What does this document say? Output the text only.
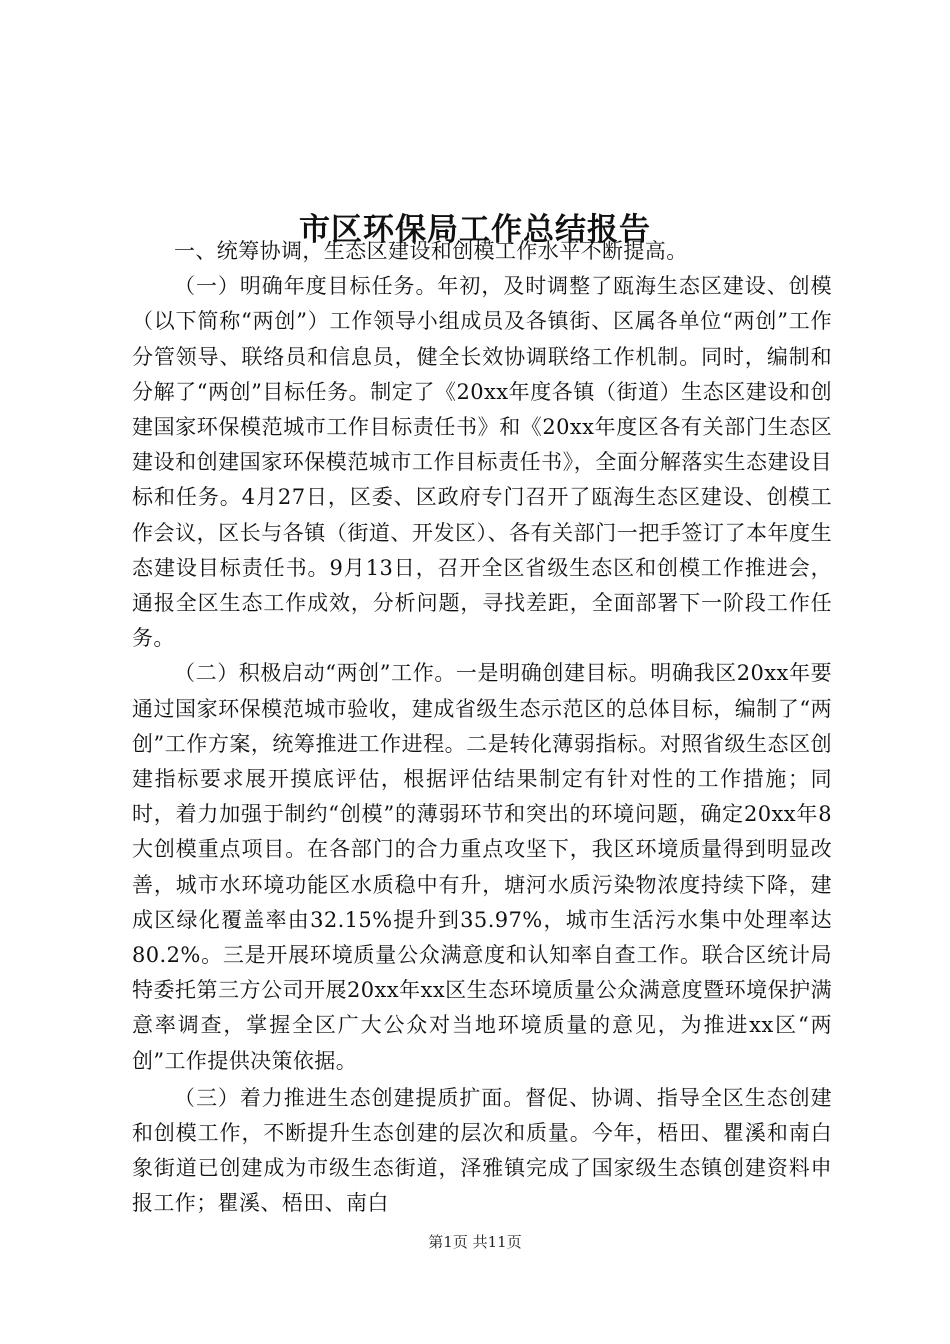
市区环保局工作总结报告

一、统筹协调，生态区建设和创模工作水平不断提高。

（一）明确年度目标任务。年初，及时调整了瓯海生态区建设、创模（以下简称“两创”）工作领导小组成员及各镇街、区属各单位“两创”工作分管领导、联络员和信息员，健全长效协调联络工作机制。同时，编制和分解了“两创”目标任务。制定了《20xx年度各镇（街道）生态区建设和创建国家环保模范城市工作目标责任书》和《20xx年度区各有关部门生态区建设和创建国家环保模范城市工作目标责任书》，全面分解落实生态建设目标和任务。4月27日，区委、区政府专门召开了瓯海生态区建设、创模工作会议，区长与各镇（街道、开发区）、各有关部门一把手签订了本年度生态建设目标责任书。9月13日，召开全区省级生态区和创模工作推进会，通报全区生态工作成效，分析问题，寻找差距，全面部署下一阶段工作任务。

（二）积极启动“两创”工作。一是明确创建目标。明确我区20xx年要通过国家环保模范城市验收，建成省级生态示范区的总体目标，编制了“两创”工作方案，统筹推进工作进程。二是转化薄弱指标。对照省级生态区创建指标要求展开摸底评估，根据评估结果制定有针对性的工作措施；同时，着力加强于制约“创模”的薄弱环节和突出的环境问题，确定20xx年8大创模重点项目。在各部门的合力重点攻坚下，我区环境质量得到明显改善，城市水环境功能区水质稳中有升，塘河水质污染物浓度持续下降，建成区绿化覆盖率由32.15%提升到35.97%，城市生活污水集中处理率达80.2%。三是开展环境质量公众满意度和认知率自查工作。联合区统计局特委托第三方公司开展20xx年xx区生态环境质量公众满意度暨环境保护满意率调查，掌握全区广大公众对当地环境质量的意见，为推进xx区“两创”工作提供决策依据。

（三）着力推进生态创建提质扩面。督促、协调、指导全区生态创建和创模工作，不断提升生态创建的层次和质量。今年，梧田、瞿溪和南白象街道已创建成为市级生态街道，泽雅镇完成了国家级生态镇创建资料申报工作；瞿溪、梧田、南白

第1页 共11页
